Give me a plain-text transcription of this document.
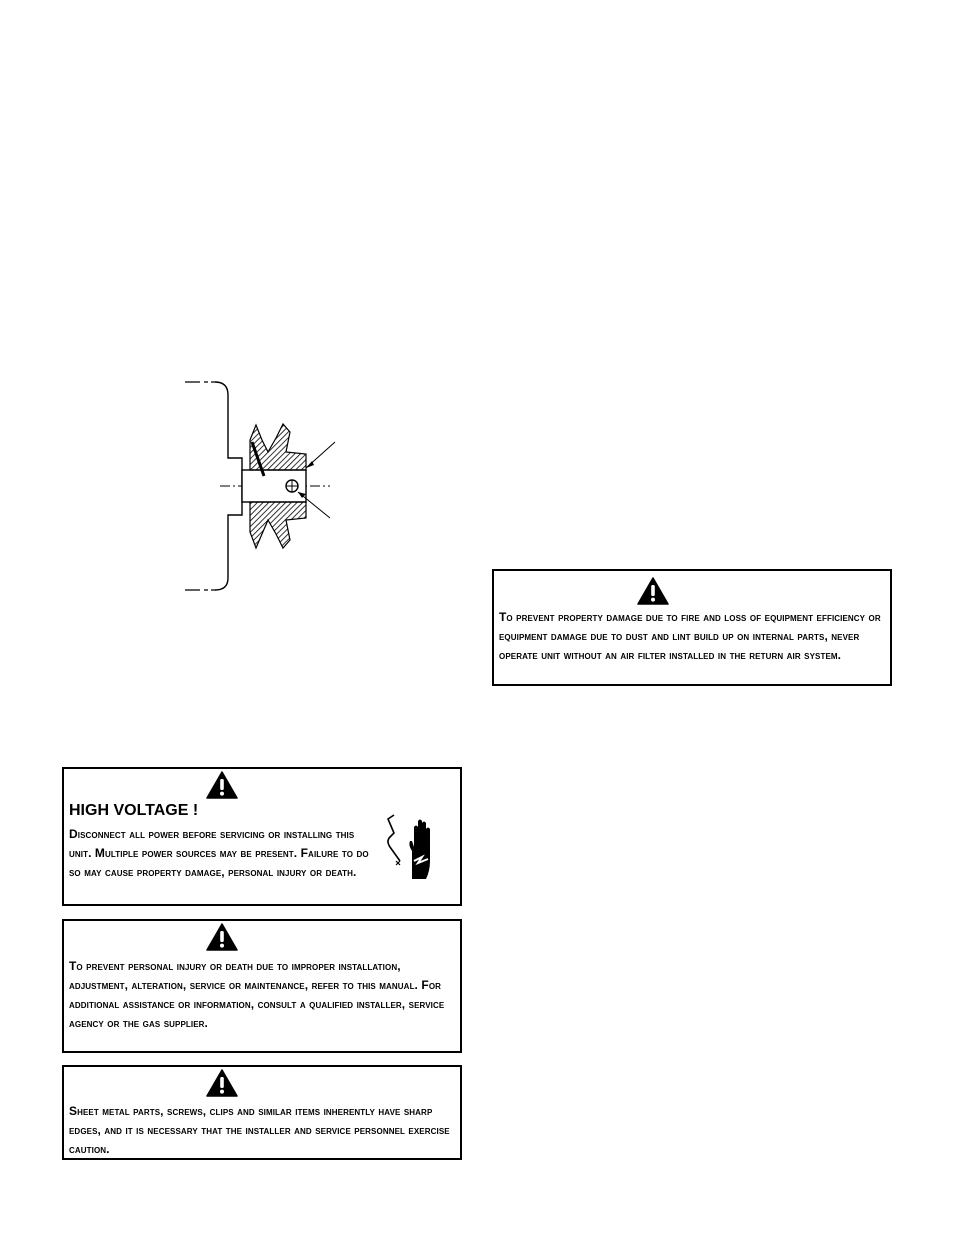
To prevent property damage due to fire and loss of equipment efficiency or equipment damage due to dust and lint build up on internal parts, never operate unit without an air filter installed in the return air system.

HIGH VOLTAGE !

Disconnect all power before servicing or installing this unit. Multiple power sources may be present. Failure to do so may cause property damage, personal injury or death.

To prevent personal injury or death due to improper installation, adjustment, alteration, service or maintenance, refer to this manual. For additional assistance or information, consult a qualified installer, service agency or the gas supplier.

Sheet metal parts, screws, clips and similar items inherently have sharp edges, and it is necessary that the installer and service personnel exercise caution.
